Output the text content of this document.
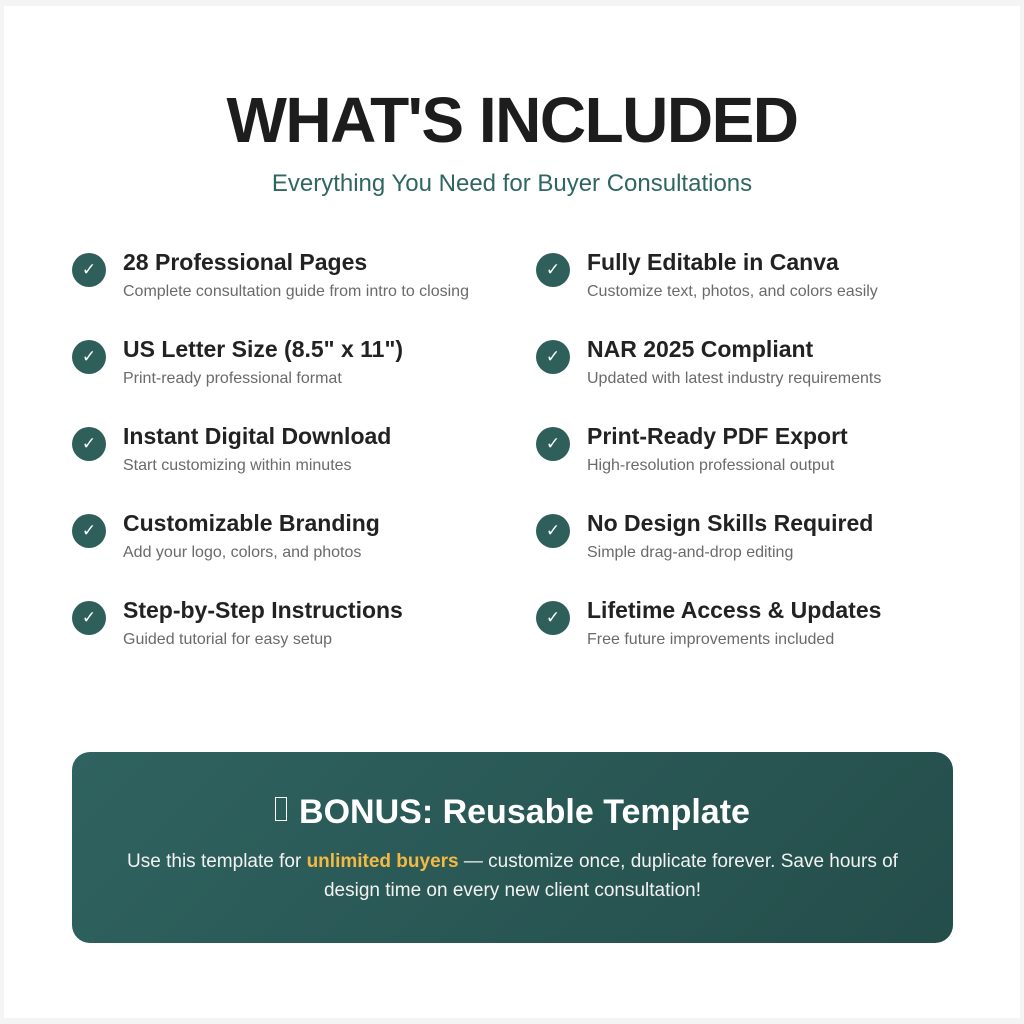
WHAT'S INCLUDED

Everything You Need for Buyer Consultations

✓	28 Professional Pages
Complete consultation guide from intro to closing
✓	Fully Editable in Canva
Customize text, photos, and colors easily
✓	US Letter Size (8.5" x 11")
Print-ready professional format
✓	NAR 2025 Compliant
Updated with latest industry requirements
✓	Instant Digital Download
Start customizing within minutes
✓	Print-Ready PDF Export
High-resolution professional output
✓	Customizable Branding
Add your logo, colors, and photos
✓	No Design Skills Required
Simple drag-and-drop editing
✓	Step-by-Step Instructions
Guided tutorial for easy setup
✓	Lifetime Access & Updates
Free future improvements included
BONUS: Reusable Template
Use this template for unlimited buyers — customize once, duplicate forever. Save hours of design time on every new client consultation!
